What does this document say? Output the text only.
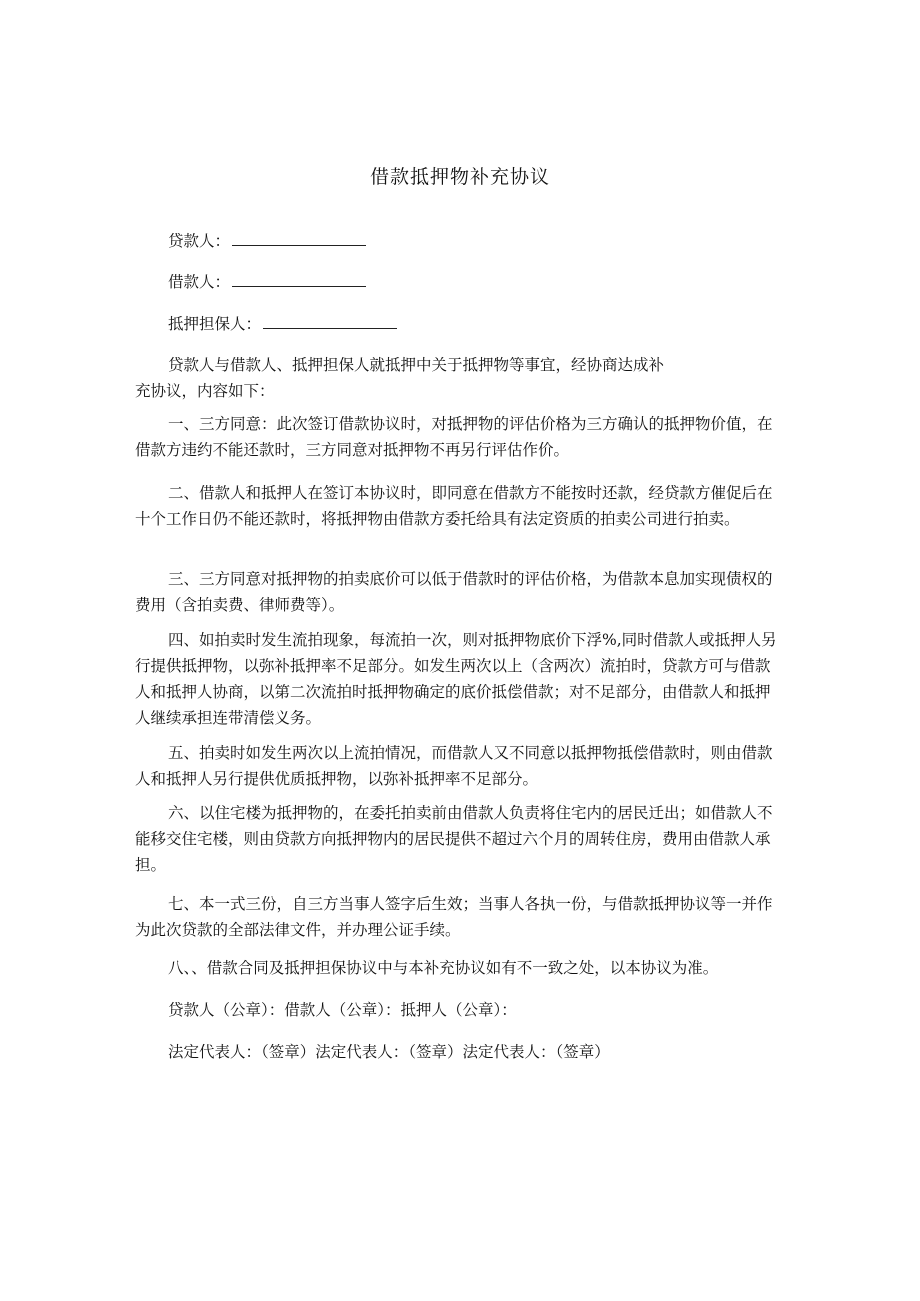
借款抵押物补充协议
贷款人：
借款人：
抵押担保人：
贷款人与借款人、抵押担保人就抵押中关于抵押物等事宜，经协商达成补充协议，内容如下：
一、三方同意：此次签订借款协议时，对抵押物的评估价格为三方确认的抵押物价值，在借款方违约不能还款时，三方同意对抵押物不再另行评估作价。
二、借款人和抵押人在签订本协议时，即同意在借款方不能按时还款，经贷款方催促后在十个工作日仍不能还款时，将抵押物由借款方委托给具有法定资质的拍卖公司进行拍卖。
三、三方同意对抵押物的拍卖底价可以低于借款时的评估价格，为借款本息加实现债权的费用（含拍卖费、律师费等）。
四、如拍卖时发生流拍现象，每流拍一次，则对抵押物底价下浮%,同时借款人或抵押人另行提供抵押物，以弥补抵押率不足部分。如发生两次以上（含两次）流拍时，贷款方可与借款人和抵押人协商，以第二次流拍时抵押物确定的底价抵偿借款；对不足部分，由借款人和抵押人继续承担连带清偿义务。
五、拍卖时如发生两次以上流拍情况，而借款人又不同意以抵押物抵偿借款时，则由借款人和抵押人另行提供优质抵押物，以弥补抵押率不足部分。
六、以住宅楼为抵押物的，在委托拍卖前由借款人负责将住宅内的居民迁出；如借款人不能移交住宅楼，则由贷款方向抵押物内的居民提供不超过六个月的周转住房，费用由借款人承担。
七、本一式三份，自三方当事人签字后生效；当事人各执一份，与借款抵押协议等一并作为此次贷款的全部法律文件，并办理公证手续。
八、、借款合同及抵押担保协议中与本补充协议如有不一致之处，以本协议为准。
贷款人（公章）：借款人（公章）：抵押人（公章）：
法定代表人：（签章）法定代表人：（签章）法定代表人：（签章）
